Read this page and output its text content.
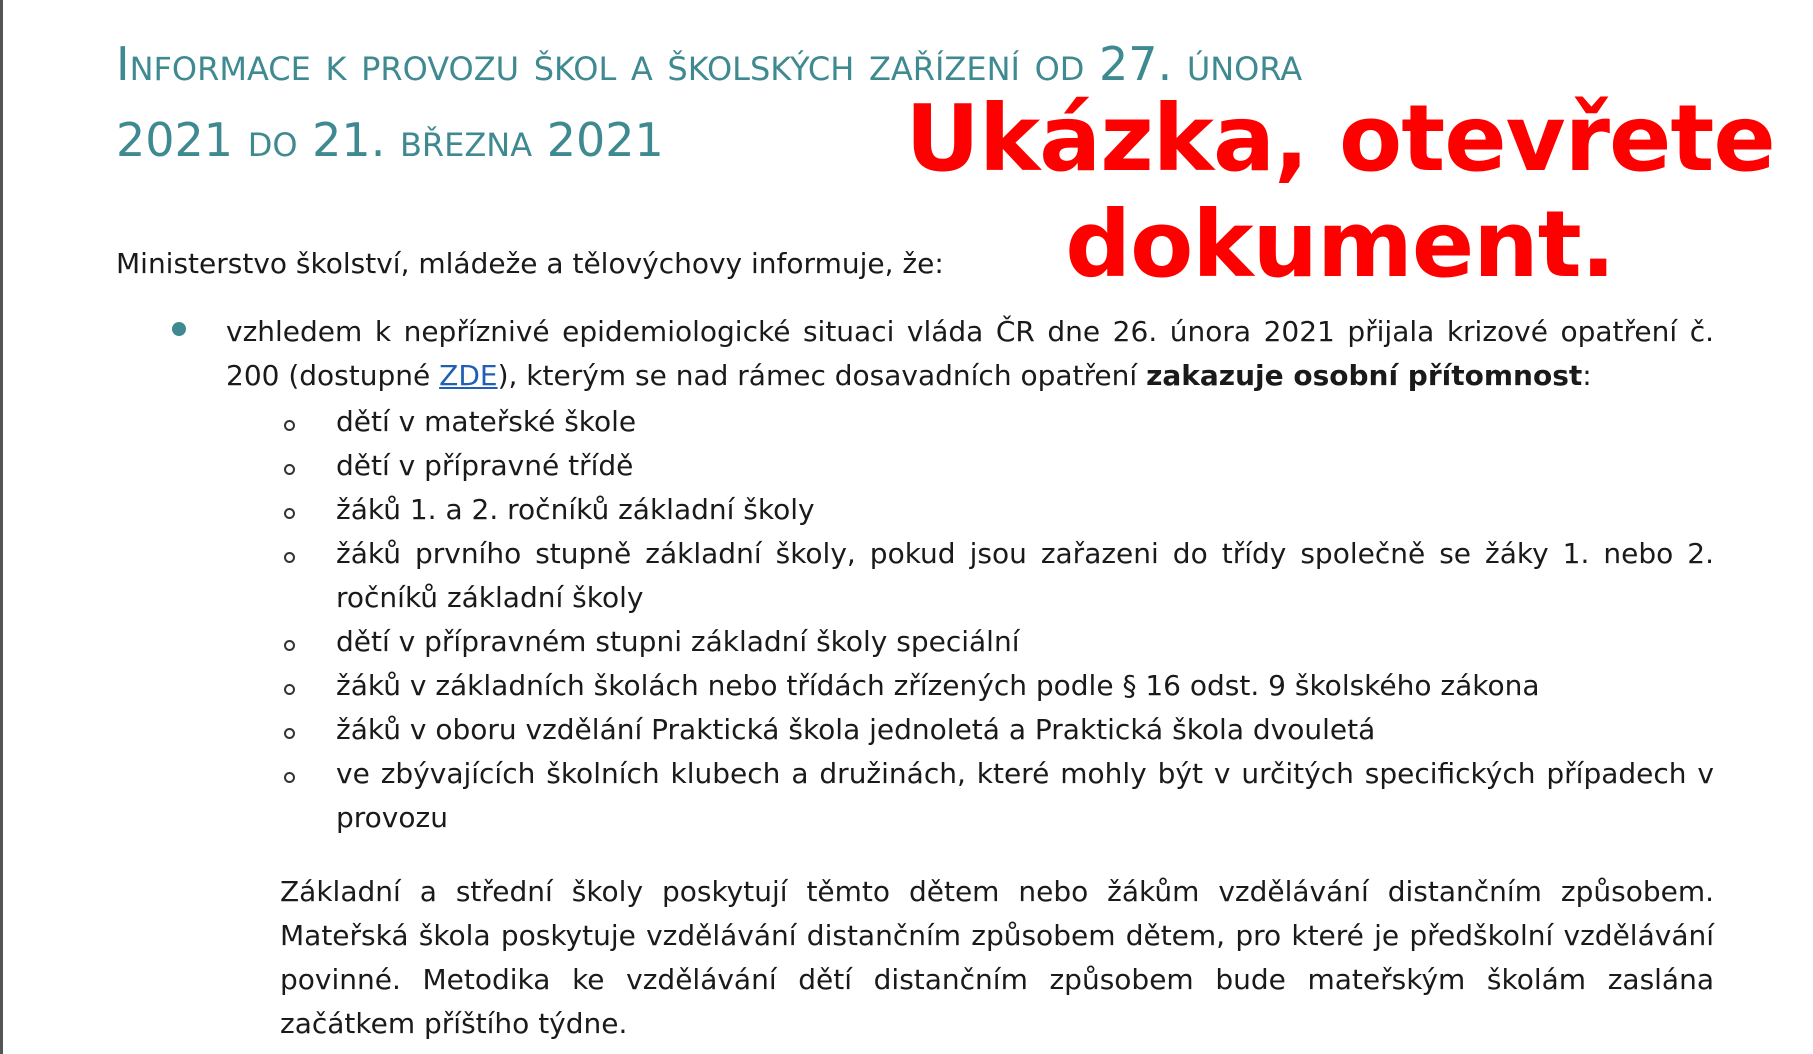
Informace k provozu škol a školských zařízení od 27. února
2021 do 21. března 2021	Ukázka, otevřete
dokument.
Ministerstvo školství, mládeže a tělovýchovy informuje, že:
vzhledem k nepříznivé epidemiologické situaci vláda ČR dne 26. února 2021 přijala krizové opatření č. 200 (dostupné ZDE), kterým se nad rámec dosavadních opatření zakazuje osobní přítomnost:
dětí v mateřské škole
dětí v přípravné třídě
žáků 1. a 2. ročníků základní školy
žáků prvního stupně základní školy, pokud jsou zařazeni do třídy společně se žáky 1. nebo 2. ročníků základní školy
dětí v přípravném stupni základní školy speciální
žáků v základních školách nebo třídách zřízených podle § 16 odst. 9 školského zákona
žáků v oboru vzdělání Praktická škola jednoletá a Praktická škola dvouletá
ve zbývajících školních klubech a družinách, které mohly být v určitých specifických případech v provozu
Základní a střední školy poskytují těmto dětem nebo žákům vzdělávání distančním způsobem. Mateřská škola poskytuje vzdělávání distančním způsobem dětem, pro které je předškolní vzdělávání povinné. Metodika ke vzdělávání dětí distančním způsobem bude mateřským školám zaslána začátkem příštího týdne.
